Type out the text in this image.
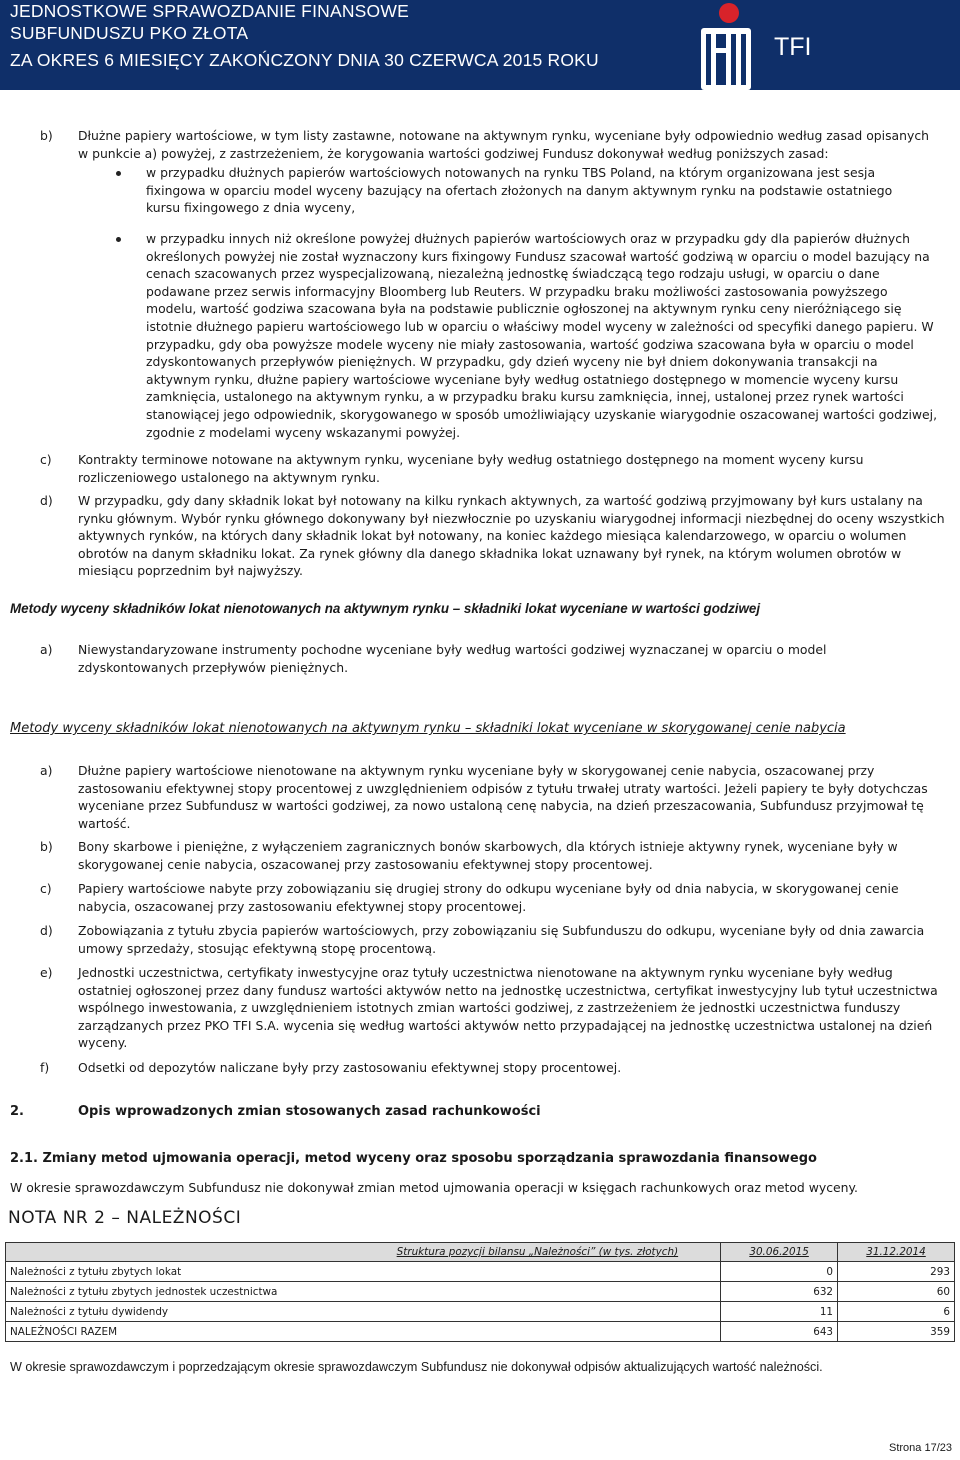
JEDNOSTKOWE SPRAWOZDANIE FINANSOWE
SUBFUNDUSZU PKO ZŁOTA
ZA OKRES 6 MIESIĘCY ZAKOŃCZONY DNIA 30 CZERWCA 2015 ROKU	TFI
b) Dłużne papiery wartościowe, w tym listy zastawne, notowane na aktywnym rynku, wyceniane były odpowiednio według zasad opisanych w punkcie a) powyżej, z zastrzeżeniem, że korygowania wartości godziwej Fundusz dokonywał według poniższych zasad:
w przypadku dłużnych papierów wartościowych notowanych na rynku TBS Poland, na którym organizowana jest sesja fixingowa w oparciu model wyceny bazujący na ofertach złożonych na danym aktywnym rynku na podstawie ostatniego kursu fixingowego z dnia wyceny,
w przypadku innych niż określone powyżej dłużnych papierów wartościowych oraz w przypadku gdy dla papierów dłużnych określonych powyżej nie został wyznaczony kurs fixingowy Fundusz szacował wartość godziwą w oparciu o model bazujący na cenach szacowanych przez wyspecjalizowaną, niezależną jednostkę świadczącą tego rodzaju usługi, w oparciu o dane podawane przez serwis informacyjny Bloomberg lub Reuters. W przypadku braku możliwości zastosowania powyższego modelu, wartość godziwa szacowana była na podstawie publicznie ogłoszonej na aktywnym rynku ceny nieróżniącego się istotnie dłużnego papieru wartościowego lub w oparciu o właściwy model wyceny w zależności od specyfiki danego papieru. W przypadku, gdy oba powyższe modele wyceny nie miały zastosowania, wartość godziwa szacowana była w oparciu o model zdyskontowanych przepływów pieniężnych. W przypadku, gdy dzień wyceny nie był dniem dokonywania transakcji na aktywnym rynku, dłużne papiery wartościowe wyceniane były według ostatniego dostępnego w momencie wyceny kursu zamknięcia, ustalonego na aktywnym rynku, a w przypadku braku kursu zamknięcia, innej, ustalonej przez rynek wartości stanowiącej jego odpowiednik, skorygowanego w sposób umożliwiający uzyskanie wiarygodnie oszacowanej wartości godziwej, zgodnie z modelami wyceny wskazanymi powyżej.
c) Kontrakty terminowe notowane na aktywnym rynku, wyceniane były według ostatniego dostępnego na moment wyceny kursu rozliczeniowego ustalonego na aktywnym rynku.
d) W przypadku, gdy dany składnik lokat był notowany na kilku rynkach aktywnych, za wartość godziwą przyjmowany był kurs ustalany na rynku głównym. Wybór rynku głównego dokonywany był niezwłocznie po uzyskaniu wiarygodnej informacji niezbędnej do oceny wszystkich aktywnych rynków, na których dany składnik lokat był notowany, na koniec każdego miesiąca kalendarzowego, w oparciu o wolumen obrotów na danym składniku lokat. Za rynek główny dla danego składnika lokat uznawany był rynek, na którym wolumen obrotów w miesiącu poprzednim był najwyższy.
Metody wyceny składników lokat nienotowanych na aktywnym rynku – składniki lokat wyceniane w wartości godziwej
a) Niewystandaryzowane instrumenty pochodne wyceniane były według wartości godziwej wyznaczanej w oparciu o model zdyskontowanych przepływów pieniężnych.
Metody wyceny składników lokat nienotowanych na aktywnym rynku – składniki lokat wyceniane w skorygowanej cenie nabycia
a) Dłużne papiery wartościowe nienotowane na aktywnym rynku wyceniane były w skorygowanej cenie nabycia, oszacowanej przy zastosowaniu efektywnej stopy procentowej z uwzględnieniem odpisów z tytułu trwałej utraty wartości. Jeżeli papiery te były dotychczas wyceniane przez Subfundusz w wartości godziwej, za nowo ustaloną cenę nabycia, na dzień przeszacowania, Subfundusz przyjmował tę wartość.
b) Bony skarbowe i pieniężne, z wyłączeniem zagranicznych bonów skarbowych, dla których istnieje aktywny rynek, wyceniane były w skorygowanej cenie nabycia, oszacowanej przy zastosowaniu efektywnej stopy procentowej.
c) Papiery wartościowe nabyte przy zobowiązaniu się drugiej strony do odkupu wyceniane były od dnia nabycia, w skorygowanej cenie nabycia, oszacowanej przy zastosowaniu efektywnej stopy procentowej.
d) Zobowiązania z tytułu zbycia papierów wartościowych, przy zobowiązaniu się Subfunduszu do odkupu, wyceniane były od dnia zawarcia umowy sprzedaży, stosując efektywną stopę procentową.
e) Jednostki uczestnictwa, certyfikaty inwestycyjne oraz tytuły uczestnictwa nienotowane na aktywnym rynku wyceniane były według ostatniej ogłoszonej przez dany fundusz wartości aktywów netto na jednostkę uczestnictwa, certyfikat inwestycyjny lub tytuł uczestnictwa wspólnego inwestowania, z uwzględnieniem istotnych zmian wartości godziwej, z zastrzeżeniem że jednostki uczestnictwa funduszy zarządzanych przez PKO TFI S.A. wycenia się według wartości aktywów netto przypadającej na jednostkę uczestnictwa ustalonej na dzień wyceny.
f) Odsetki od depozytów naliczane były przy zastosowaniu efektywnej stopy procentowej.
2.	Opis wprowadzonych zmian stosowanych zasad rachunkowości
2.1. Zmiany metod ujmowania operacji, metod wyceny oraz sposobu sporządzania sprawozdania finansowego
W okresie sprawozdawczym Subfundusz nie dokonywał zmian metod ujmowania operacji w księgach rachunkowych oraz metod wyceny.
NOTA NR 2 – NALEŻNOŚCI
Struktura pozycji bilansu „Należności” (w tys. złotych)	30.06.2015	31.12.2014
Należności z tytułu zbytych lokat	0	293
Należności z tytułu zbytych jednostek uczestnictwa	632	60
Należności z tytułu dywidendy	11	6
NALEŻNOŚCI RAZEM	643	359
W okresie sprawozdawczym i poprzedzającym okresie sprawozdawczym Subfundusz nie dokonywał odpisów aktualizujących wartość należności.
Strona 17/23
